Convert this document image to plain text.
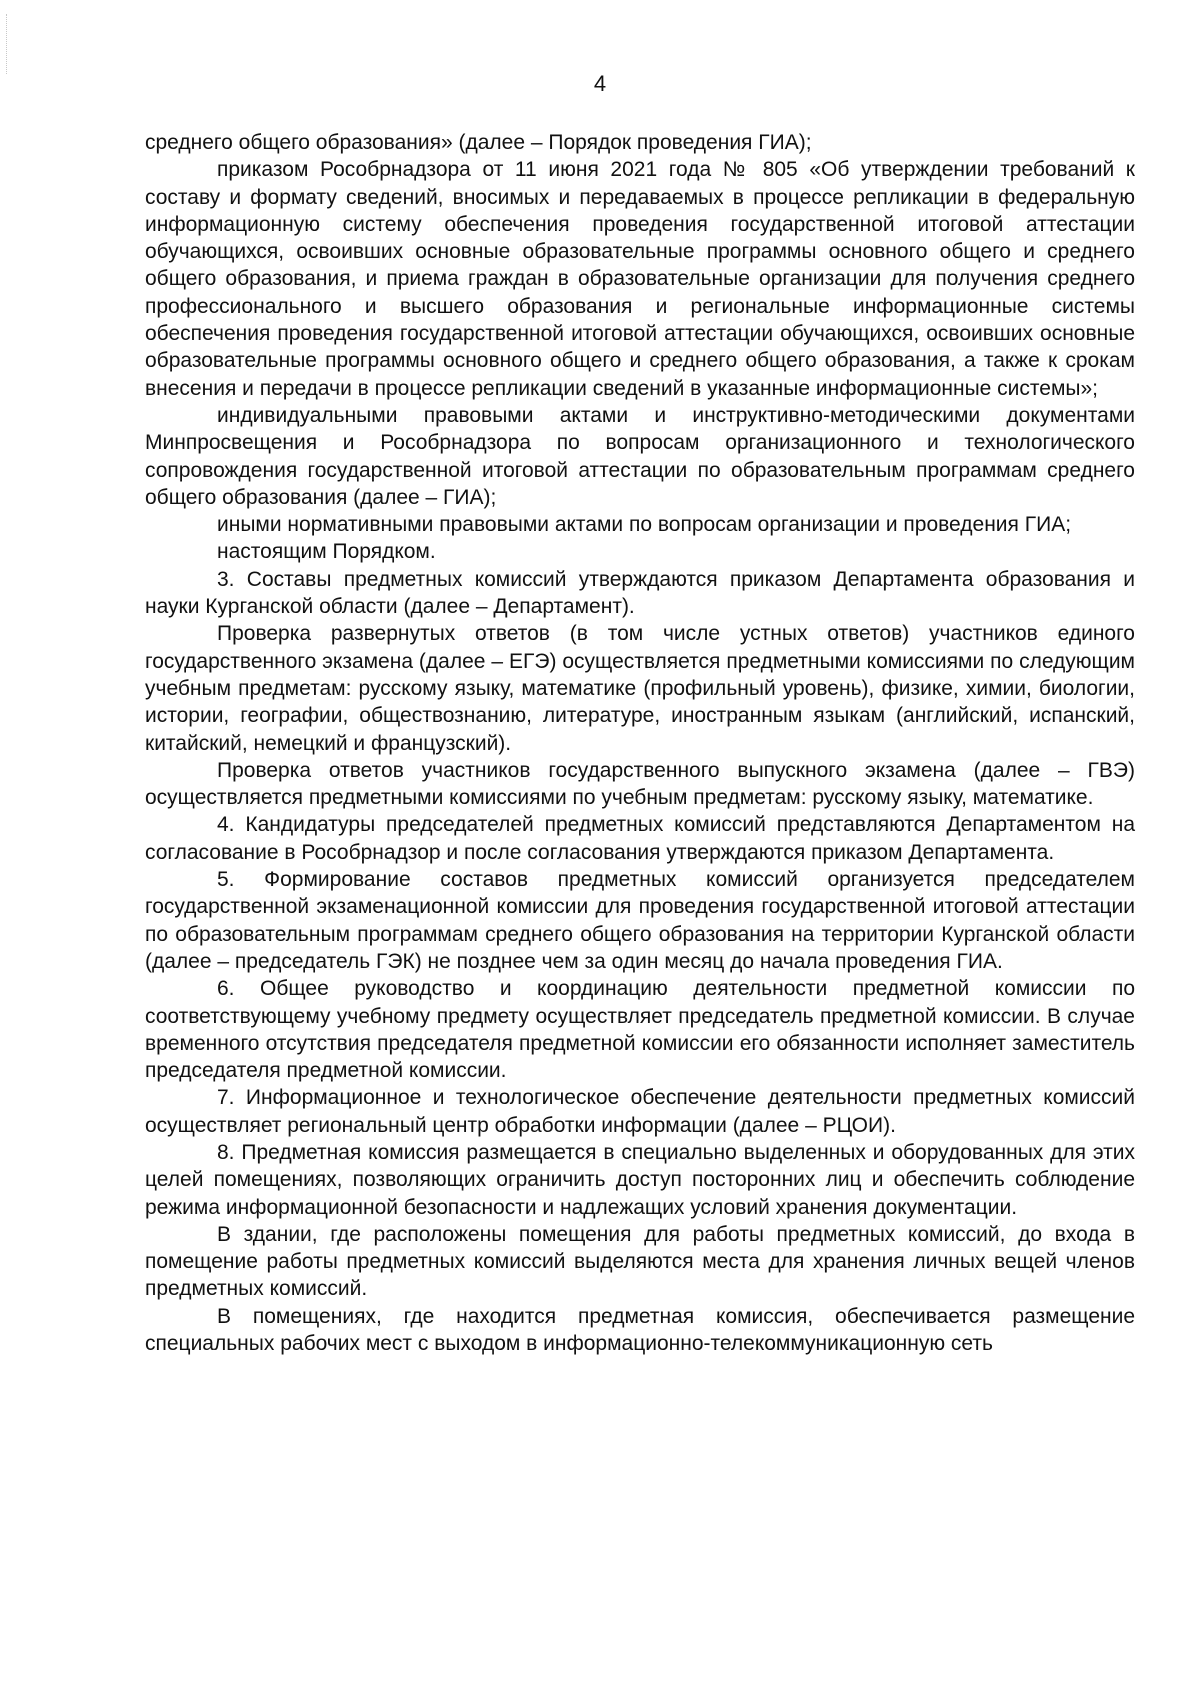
4

среднего общего образования» (далее – Порядок проведения ГИА);

приказом Рособрнадзора от 11 июня 2021 года № 805 «Об утверждении требований к составу и формату сведений, вносимых и передаваемых в процессе репликации в федеральную информационную систему обеспечения проведения государственной итоговой аттестации обучающихся, освоивших основные образовательные программы основного общего и среднего общего образования, и приема граждан в образовательные организации для получения среднего профессионального и высшего образования и региональные информационные системы обеспечения проведения государственной итоговой аттестации обучающихся, освоивших основные образовательные программы основного общего и среднего общего образования, а также к срокам внесения и передачи в процессе репликации сведений в указанные информационные системы»;

индивидуальными правовыми актами и инструктивно-методическими документами Минпросвещения и Рособрнадзора по вопросам организационного и технологического сопровождения государственной итоговой аттестации по образовательным программам среднего общего образования (далее – ГИА);

иными нормативными правовыми актами по вопросам организации и проведения ГИА;

настоящим Порядком.

3. Составы предметных комиссий утверждаются приказом Департамента образования и науки Курганской области (далее – Департамент).

Проверка развернутых ответов (в том числе устных ответов) участников единого государственного экзамена (далее – ЕГЭ) осуществляется предметными комиссиями по следующим учебным предметам: русскому языку, математике (профильный уровень), физике, химии, биологии, истории, географии, обществознанию, литературе, иностранным языкам (английский, испанский, китайский, немецкий и французский).

Проверка ответов участников государственного выпускного экзамена (далее – ГВЭ) осуществляется предметными комиссиями по учебным предметам: русскому языку, математике.

4. Кандидатуры председателей предметных комиссий представляются Департаментом на согласование в Рособрнадзор и после согласования утверждаются приказом Департамента.

5. Формирование составов предметных комиссий организуется председателем государственной экзаменационной комиссии для проведения государственной итоговой аттестации по образовательным программам среднего общего образования на территории Курганской области (далее – председатель ГЭК) не позднее чем за один месяц до начала проведения ГИА.

6. Общее руководство и координацию деятельности предметной комиссии по соответствующему учебному предмету осуществляет председатель предметной комиссии. В случае временного отсутствия председателя предметной комиссии его обязанности исполняет заместитель председателя предметной комиссии.

7. Информационное и технологическое обеспечение деятельности предметных комиссий осуществляет региональный центр обработки информации (далее – РЦОИ).

8. Предметная комиссия размещается в специально выделенных и оборудованных для этих целей помещениях, позволяющих ограничить доступ посторонних лиц и обеспечить соблюдение режима информационной безопасности и надлежащих условий хранения документации.

В здании, где расположены помещения для работы предметных комиссий, до входа в помещение работы предметных комиссий выделяются места для хранения личных вещей членов предметных комиссий.

В помещениях, где находится предметная комиссия, обеспечивается размещение специальных рабочих мест с выходом в информационно-телекоммуникационную сеть
